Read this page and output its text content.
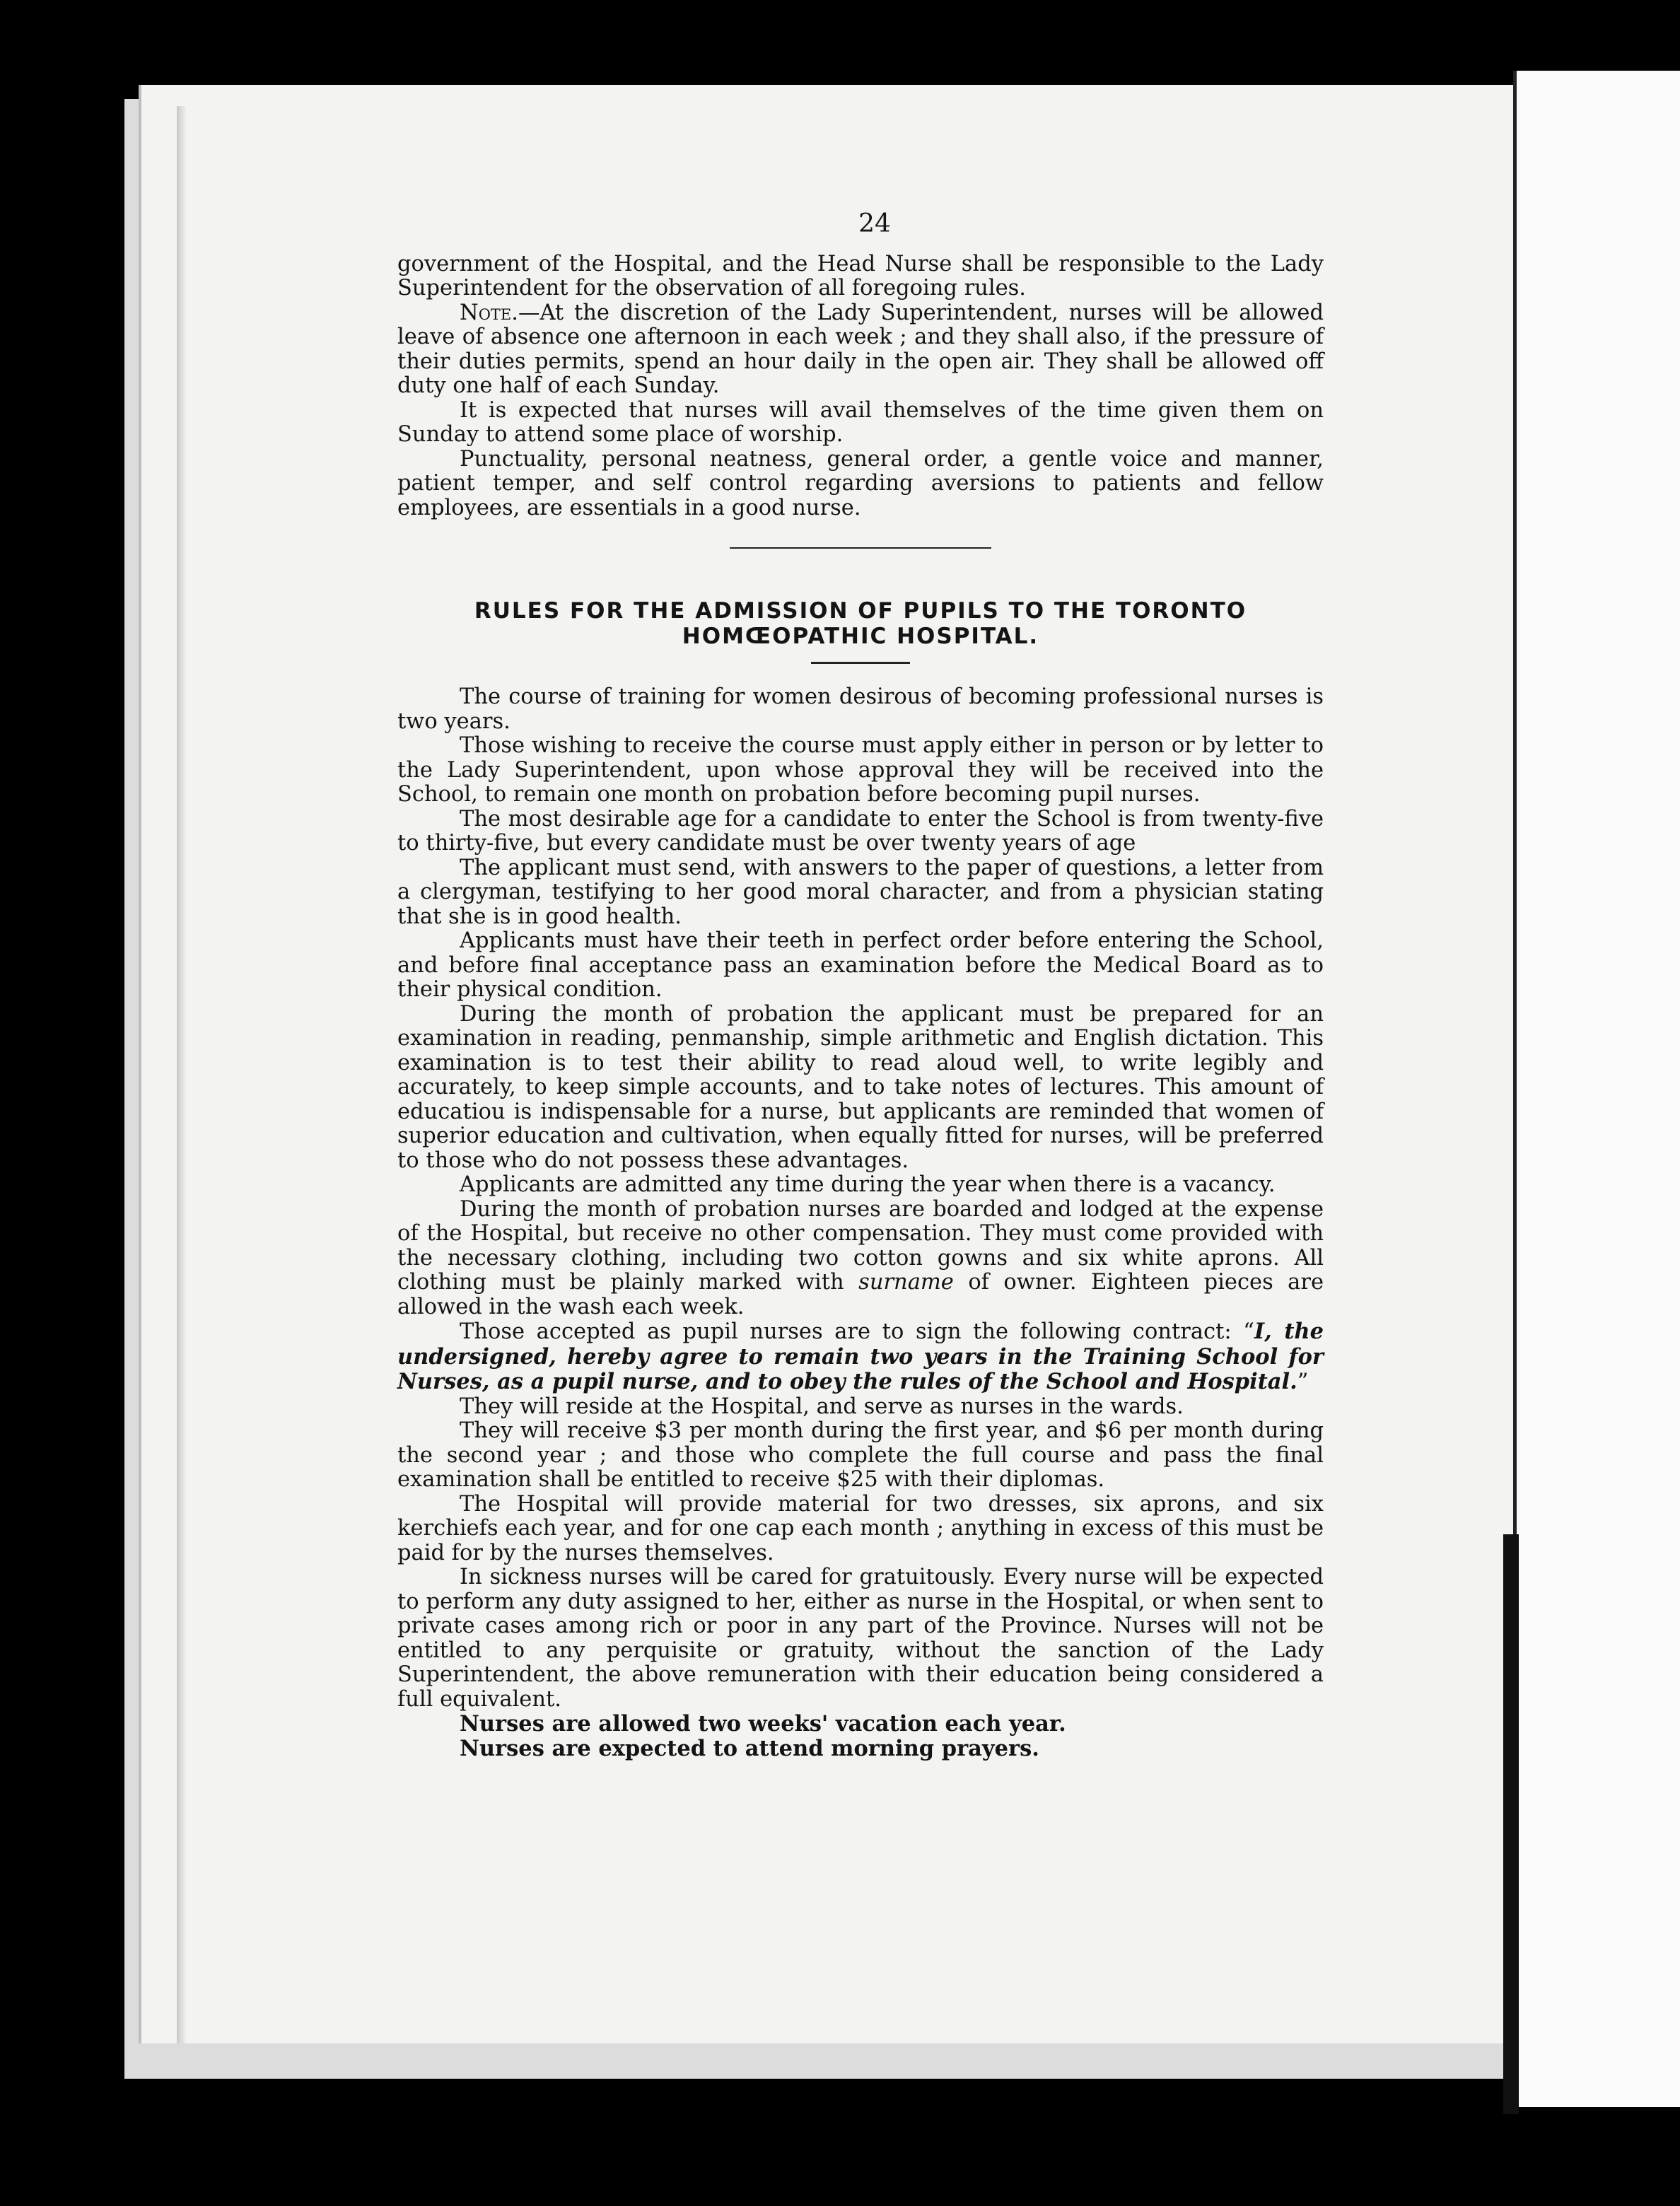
24

government of the Hospital, and the Head Nurse shall be responsible to the Lady Superintendent for the observation of all foregoing rules.

Note.—At the discretion of the Lady Superintendent, nurses will be allowed leave of absence one afternoon in each week ; and they shall also, if the pressure of their duties permits, spend an hour daily in the open air. They shall be allowed off duty one half of each Sunday.

It is expected that nurses will avail themselves of the time given them on Sunday to attend some place of worship.

Punctuality, personal neatness, general order, a gentle voice and manner, patient temper, and self control regarding aversions to patients and fellow employees, are essentials in a good nurse.

RULES FOR THE ADMISSION OF PUPILS TO THE TORONTO

HOMŒOPATHIC HOSPITAL.

The course of training for women desirous of becoming professional nurses is two years.

Those wishing to receive the course must apply either in person or by letter to the Lady Superintendent, upon whose approval they will be received into the School, to remain one month on probation before becoming pupil nurses.

The most desirable age for a candidate to enter the School is from twenty-five to thirty-five, but every candidate must be over twenty years of age

The applicant must send, with answers to the paper of questions, a letter from a clergyman, testifying to her good moral character, and from a physician stating that she is in good health.

Applicants must have their teeth in perfect order before entering the School, and before final acceptance pass an examination before the Medical Board as to their physical condition.

During the month of probation the applicant must be prepared for an examination in reading, penmanship, simple arithmetic and English dictation. This examination is to test their ability to read aloud well, to write legibly and accurately, to keep simple accounts, and to take notes of lectures. This amount of educatiou is indispensable for a nurse, but applicants are reminded that women of superior education and cultivation, when equally fitted for nurses, will be preferred to those who do not possess these advantages.

Applicants are admitted any time during the year when there is a vacancy.

During the month of probation nurses are boarded and lodged at the expense of the Hospital, but receive no other compensation. They must come provided with the necessary clothing, including two cotton gowns and six white aprons. All clothing must be plainly marked with surname of owner. Eighteen pieces are allowed in the wash each week.

Those accepted as pupil nurses are to sign the following contract: “I, the undersigned, hereby agree to remain two years in the Training School for Nurses, as a pupil nurse, and to obey the rules of the School and Hospital.”

They will reside at the Hospital, and serve as nurses in the wards.

They will receive $3 per month during the first year, and $6 per month during the second year ; and those who complete the full course and pass the final examination shall be entitled to receive $25 with their diplomas.

The Hospital will provide material for two dresses, six aprons, and six kerchiefs each year, and for one cap each month ; anything in excess of this must be paid for by the nurses themselves.

In sickness nurses will be cared for gratuitously. Every nurse will be expected to perform any duty assigned to her, either as nurse in the Hospital, or when sent to private cases among rich or poor in any part of the Province. Nurses will not be entitled to any perquisite or gratuity, without the sanction of the Lady Superintendent, the above remuneration with their education being considered a full equivalent.

Nurses are allowed two weeks' vacation each year.

Nurses are expected to attend morning prayers.
